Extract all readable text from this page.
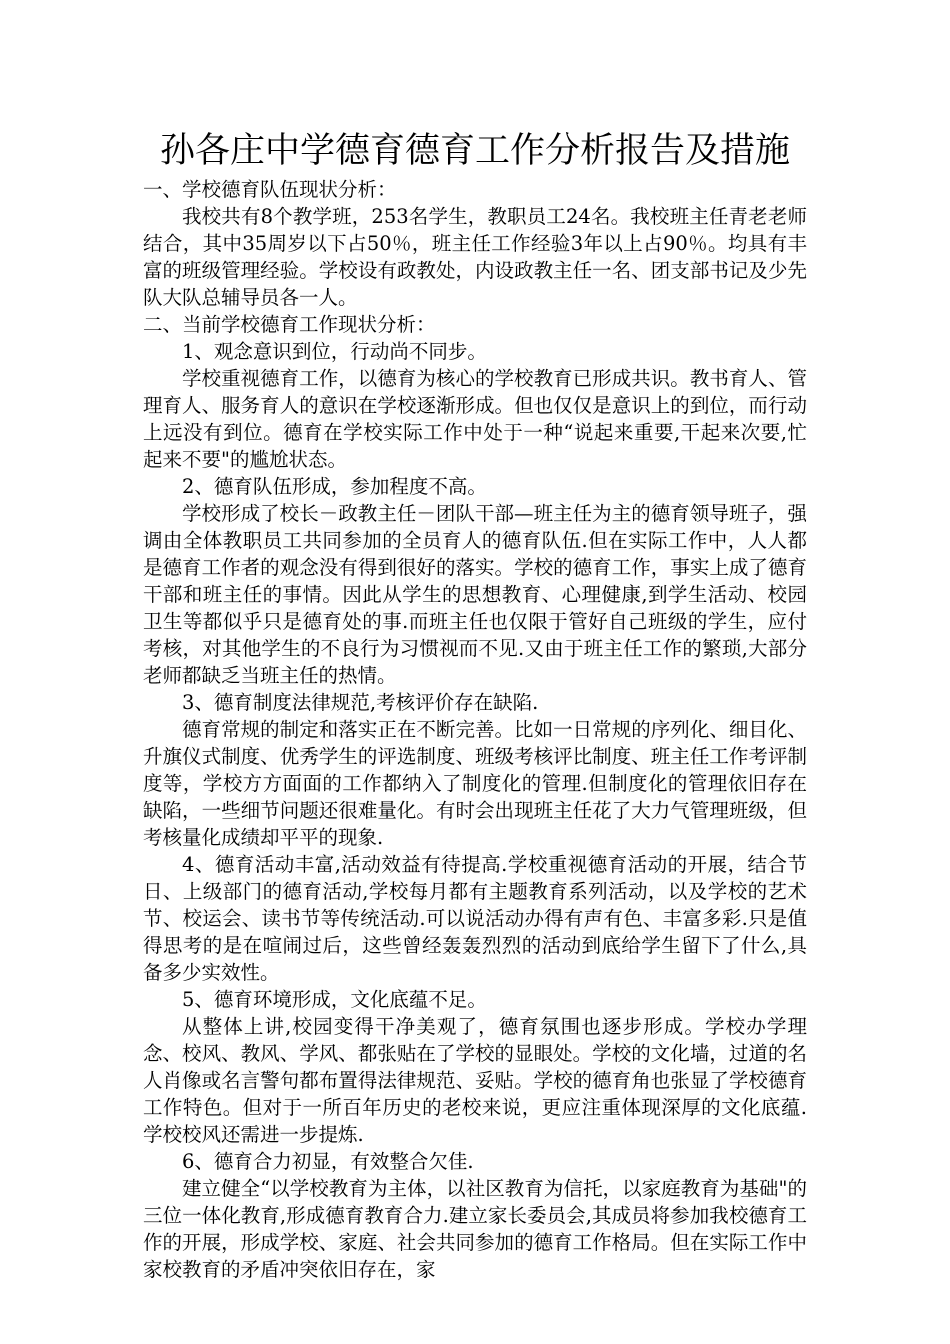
孙各庄中学德育德育工作分析报告及措施

一、学校德育队伍现状分析：

我校共有8个教学班，253名学生，教职员工24名。我校班主任青老老师结合，其中35周岁以下占50％，班主任工作经验3年以上占90％。均具有丰富的班级管理经验。学校设有政教处，内设政教主任一名、团支部书记及少先队大队总辅导员各一人。

二、当前学校德育工作现状分析：

1、观念意识到位，行动尚不同步。

学校重视德育工作，以德育为核心的学校教育已形成共识。教书育人、管理育人、服务育人的意识在学校逐渐形成。但也仅仅是意识上的到位，而行动上远没有到位。德育在学校实际工作中处于一种“说起来重要,干起来次要,忙起来不要"的尴尬状态。

2、德育队伍形成，参加程度不高。

学校形成了校长－政教主任－团队干部—班主任为主的德育领导班子，强调由全体教职员工共同参加的全员育人的德育队伍.但在实际工作中，人人都是德育工作者的观念没有得到很好的落实。学校的德育工作，事实上成了德育干部和班主任的事情。因此从学生的思想教育、心理健康,到学生活动、校园卫生等都似乎只是德育处的事.而班主任也仅限于管好自己班级的学生，应付考核，对其他学生的不良行为习惯视而不见.又由于班主任工作的繁琐,大部分老师都缺乏当班主任的热情。

3、德育制度法律规范,考核评价存在缺陷.

德育常规的制定和落实正在不断完善。比如一日常规的序列化、细目化、升旗仪式制度、优秀学生的评选制度、班级考核评比制度、班主任工作考评制度等，学校方方面面的工作都纳入了制度化的管理.但制度化的管理依旧存在缺陷，一些细节问题还很难量化。有时会出现班主任花了大力气管理班级，但考核量化成绩却平平的现象.

4、德育活动丰富,活动效益有待提高.学校重视德育活动的开展，结合节日、上级部门的德育活动,学校每月都有主题教育系列活动，以及学校的艺术节、校运会、读书节等传统活动.可以说活动办得有声有色、丰富多彩.只是值得思考的是在喧闹过后，这些曾经轰轰烈烈的活动到底给学生留下了什么,具备多少实效性。

5、德育环境形成，文化底蕴不足。

从整体上讲,校园变得干净美观了，德育氛围也逐步形成。学校办学理念、校风、教风、学风、都张贴在了学校的显眼处。学校的文化墙，过道的名人肖像或名言警句都布置得法律规范、妥贴。学校的德育角也张显了学校德育工作特色。但对于一所百年历史的老校来说，更应注重体现深厚的文化底蕴.学校校风还需进一步提炼.

6、德育合力初显，有效整合欠佳.

建立健全“以学校教育为主体，以社区教育为信托，以家庭教育为基础"的三位一体化教育,形成德育教育合力.建立家长委员会,其成员将参加我校德育工作的开展，形成学校、家庭、社会共同参加的德育工作格局。但在实际工作中家校教育的矛盾冲突依旧存在，家
